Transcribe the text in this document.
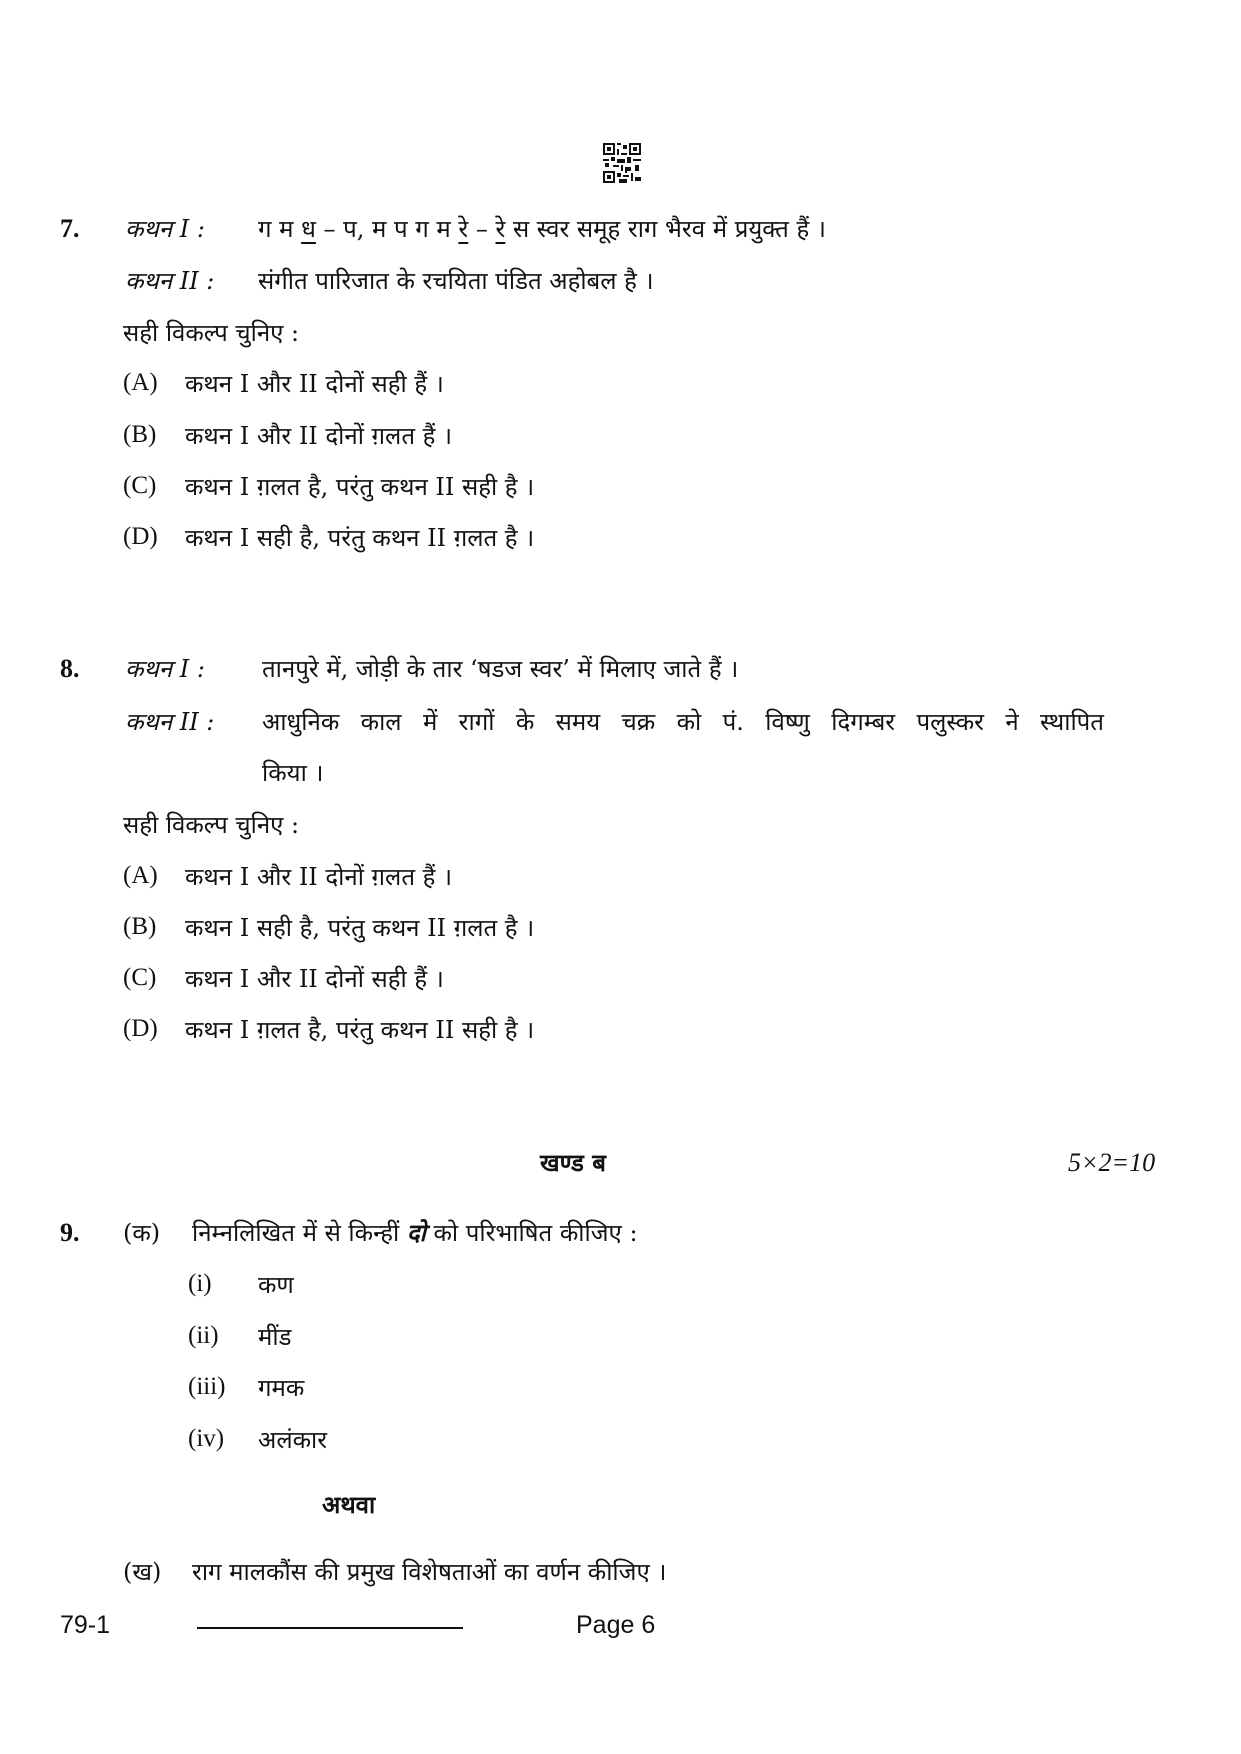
7. कथन I : ग म ध – प, म प ग म रे – रे स स्वर समूह राग भैरव में प्रयुक्त हैं ।
कथन II : संगीत पारिजात के रचयिता पंडित अहोबल है ।
सही विकल्प चुनिए :
(A) कथन I और II दोनों सही हैं ।
(B) कथन I और II दोनों ग़लत हैं ।
(C) कथन I ग़लत है, परंतु कथन II सही है ।
(D) कथन I सही है, परंतु कथन II ग़लत है ।
8. कथन I : तानपुरे में, जोड़ी के तार ‘षडज स्वर’ में मिलाए जाते हैं ।
कथन II : आधुनिक काल में रागों के समय चक्र को पं. विष्णु दिगम्बर पलुस्कर ने स्थापित
किया ।
सही विकल्प चुनिए :
(A) कथन I और II दोनों ग़लत हैं ।
(B) कथन I सही है, परंतु कथन II ग़लत है ।
(C) कथन I और II दोनों सही हैं ।
(D) कथन I ग़लत है, परंतु कथन II सही है ।
खण्ड ब	5×2=10
9. (क) निम्नलिखित में से किन्हीं दो को परिभाषित कीजिए :
(i) कण
(ii) मींड
(iii) गमक
(iv) अलंकार
अथवा
(ख) राग मालकौंस की प्रमुख विशेषताओं का वर्णन कीजिए ।
79-1	Page 6
